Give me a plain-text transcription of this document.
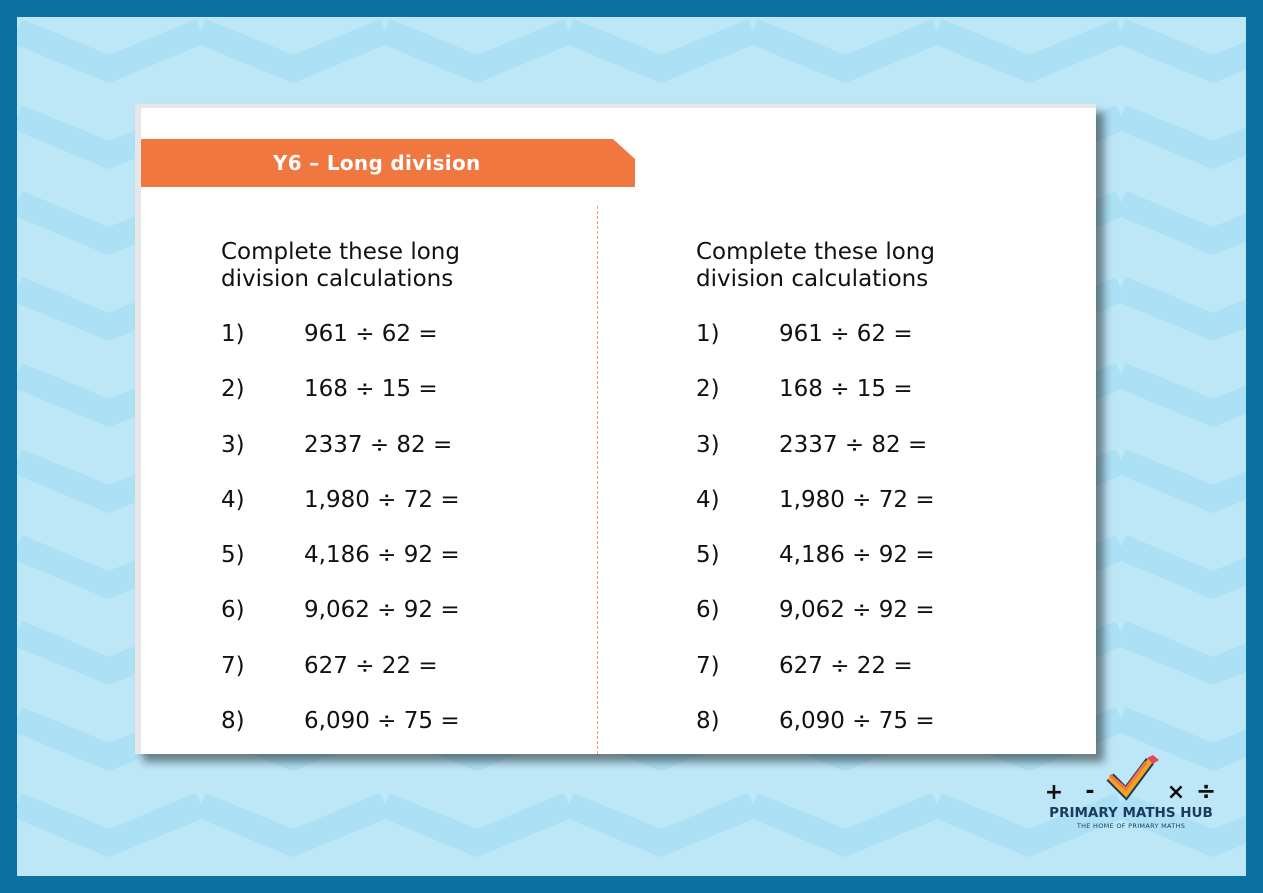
Y6 – Long division
Complete these long
division calculations
1)	961 ÷ 62 =
2)	168 ÷ 15 =
3)	2337 ÷ 82 =
4)	1,980 ÷ 72 =
5)	4,186 ÷ 92 =
6)	9,062 ÷ 92 =
7)	627 ÷ 22 =
8)	6,090 ÷ 75 =
Complete these long
division calculations
1)	961 ÷ 62 =
2)	168 ÷ 15 =
3)	2337 ÷ 82 =
4)	1,980 ÷ 72 =
5)	4,186 ÷ 92 =
6)	9,062 ÷ 92 =
7)	627 ÷ 22 =
8)	6,090 ÷ 75 =
+ -	× ÷
PRIMARY MATHS HUB
THE HOME OF PRIMARY MATHS
